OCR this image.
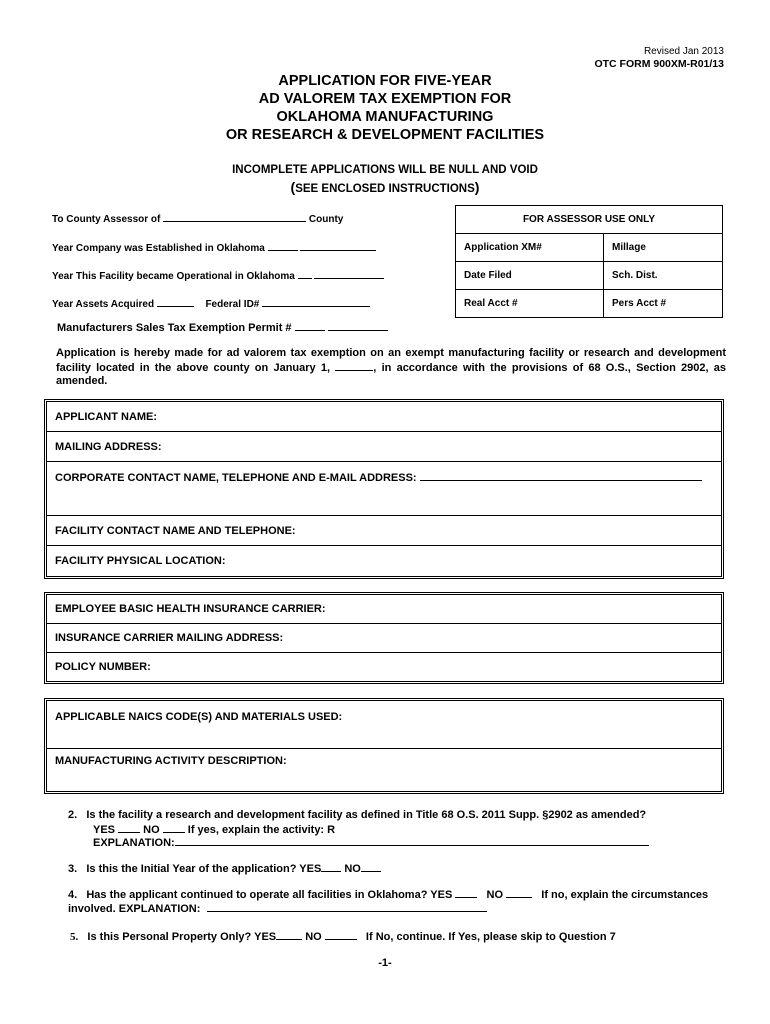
Revised Jan 2013
OTC FORM 900XM-R01/13
APPLICATION FOR FIVE-YEAR
AD VALOREM TAX EXEMPTION FOR
OKLAHOMA MANUFACTURING
OR RESEARCH & DEVELOPMENT FACILITIES
INCOMPLETE APPLICATIONS WILL BE NULL AND VOID
(SEE ENCLOSED INSTRUCTIONS)
To County Assessor of	County
Year Company was Established in Oklahoma
Year This Facility became Operational in Oklahoma
Year Assets Acquired	Federal ID#
Manufacturers Sales Tax Exemption Permit #
FOR ASSESSOR USE ONLY	
Application XM#	Millage
Date Filed	Sch. Dist.
Real Acct #	Pers Acct #
Application is hereby made for ad valorem tax exemption on an exempt manufacturing facility or research and development facility located in the above county on January 1,	, in accordance with the provisions of 68 O.S., Section 2902, as amended.
APPLICANT NAME:
MAILING ADDRESS:
CORPORATE CONTACT NAME, TELEPHONE AND E-MAIL ADDRESS:
FACILITY CONTACT NAME AND TELEPHONE:
FACILITY PHYSICAL LOCATION:
EMPLOYEE BASIC HEALTH INSURANCE CARRIER:
INSURANCE CARRIER MAILING ADDRESS:
POLICY NUMBER:
APPLICABLE NAICS CODE(S) AND MATERIALS USED:
MANUFACTURING ACTIVITY DESCRIPTION:
2. Is the facility a research and development facility as defined in Title 68 O.S. 2011 Supp. §2902 as amended?
YES	NO	If yes, explain the activity: R
EXPLANATION:
3. Is this the Initial Year of the application? YES NO
4. Has the applicant continued to operate all facilities in Oklahoma? YES	NO	If no, explain the circumstances
involved. EXPLANATION:
5. Is this Personal Property Only? YES	NO	If No, continue. If Yes, please skip to Question 7
-1-
